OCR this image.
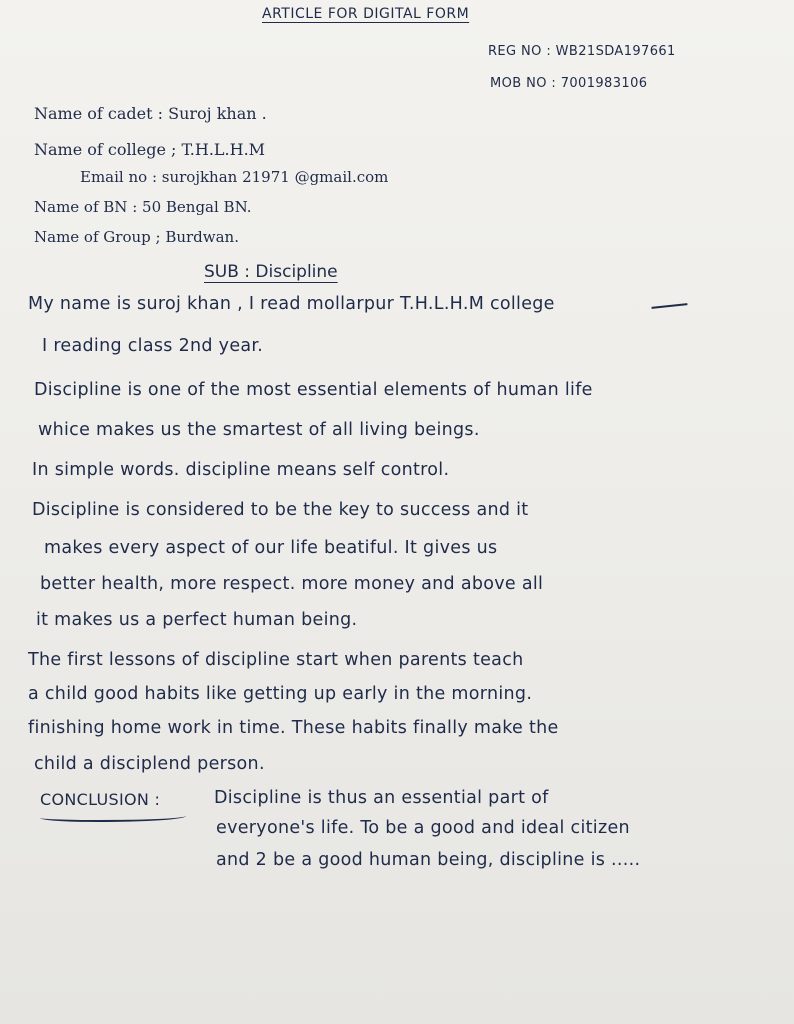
ARTICLE FOR DIGITAL FORM
REG NO : WB21SDA197661
MOB NO : 7001983106
Name of cadet : Suroj khan .
Name of college ; T.H.L.H.M
Email no : surojkhan 21971 @gmail.com
Name of BN : 50 Bengal BN.
Name of Group ; Burdwan.
SUB : Discipline
My name is suroj khan , I read mollarpur T.H.L.H.M college
I reading class 2nd year.
Discipline is one of the most essential elements of human life
whice makes us the smartest of all living beings.
In simple words. discipline means self control.
Discipline is considered to be the key to success and it
makes every aspect of our life beatiful. It gives us
better health, more respect. more money and above all
it makes us a perfect human being.
The first lessons of discipline start when parents teach
a child good habits like getting up early in the morning.
finishing home work in time. These habits finally make the
child a disciplend person.
CONCLUSION :	Discipline is thus an essential part of
everyone's life. To be a good and ideal citizen
and 2 be a good human being, discipline is .....
